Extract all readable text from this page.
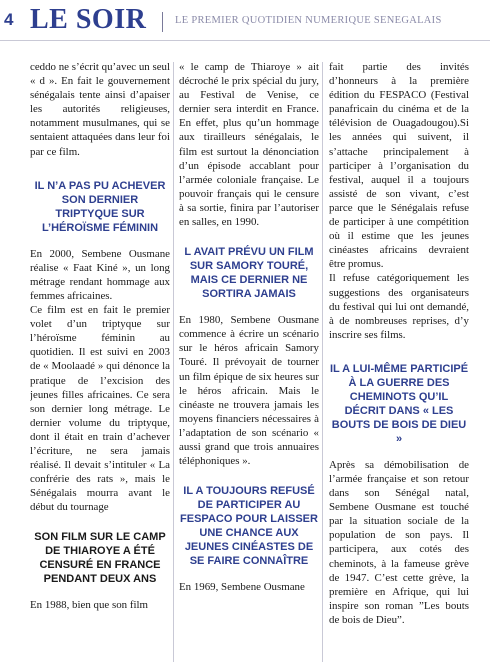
4 LE SOIR	LE PREMIER QUOTIDIEN NUMERIQUE SENEGALAIS

ceddo ne s’écrit qu’avec un seul « d ». En fait le gouvernement sénégalais tente ainsi d’apaiser les autorités religieuses, notamment musulmanes, qui se sentaient attaquées dans leur foi par ce film.

IL N’A PAS PU ACHEVER SON DERNIER TRIPTYQUE SUR L’HÉROÏSME FÉMININ

En 2000, Sembene Ousmane réalise « Faat Kiné », un long métrage rendant hommage aux femmes africaines.

Ce film est en fait le premier volet d’un triptyque sur l’héroïsme féminin au quotidien. Il est suivi en 2003 de « Moolaadé » qui dénonce la pratique de l’excision des jeunes filles africaines. Ce sera son dernier long métrage. Le dernier volume du triptyque, dont il était en train d’achever l’écriture, ne sera jamais réalisé. Il devait s’intituler « La confrérie des rats », mais le Sénégalais mourra avant le début du tournage

SON FILM SUR LE CAMP DE THIAROYE A ÉTÉ CENSURÉ EN FRANCE PENDANT DEUX ANS

En 1988, bien que son film

« le camp de Thiaroye » ait décroché le prix spécial du jury, au Festival de Venise, ce dernier sera interdit en France. En effet, plus qu’un hommage aux tirailleurs sénégalais, le film est surtout la dénonciation d’un épisode accablant pour l’armée coloniale française. Le pouvoir français qui le censure à sa sortie, finira par l’autoriser en salles, en 1990.

L AVAIT PRÉVU UN FILM SUR SAMORY TOURÉ, MAIS CE DERNIER NE SORTIRA JAMAIS

En 1980, Sembene Ousmane commence à écrire un scénario sur le héros africain Samory Touré. Il prévoyait de tourner un film épique de six heures sur le héros africain. Mais le cinéaste ne trouvera jamais les moyens financiers nécessaires à l’adaptation de son scénario « aussi grand que trois annuaires téléphoniques ».

IL A TOUJOURS REFUSÉ DE PARTICIPER AU FESPACO POUR LAISSER UNE CHANCE AUX JEUNES CINÉASTES DE SE FAIRE CONNAÎTRE

En 1969, Sembene Ousmane

fait partie des invités d’honneurs à la première édition du FESPACO (Festival panafricain du cinéma et de la télévision de Ouagadougou).Si les années qui suivent, il s’attache principalement à participer à l’organisation du festival, auquel il a toujours assisté de son vivant, c’est parce que le Sénégalais refuse de participer à une compétition où il estime que les jeunes cinéastes africains devraient être promus.

Il refuse catégoriquement les suggestions des organisateurs du festival qui lui ont demandé, à de nombreuses reprises, d’y inscrire ses films.

IL A LUI-MÊME PARTICIPÉ À LA GUERRE DES CHEMINOTS QU’IL DÉCRIT DANS « LES BOUTS DE BOIS DE DIEU »

Après sa démobilisation de l’armée française et son retour dans son Sénégal natal, Sembene Ousmane est touché par la situation sociale de la population de son pays. Il participera, aux cotés des cheminots, à la fameuse grève de 1947. C’est cette grève, la première en Afrique, qui lui inspire son roman ”Les bouts de bois de Dieu”.
